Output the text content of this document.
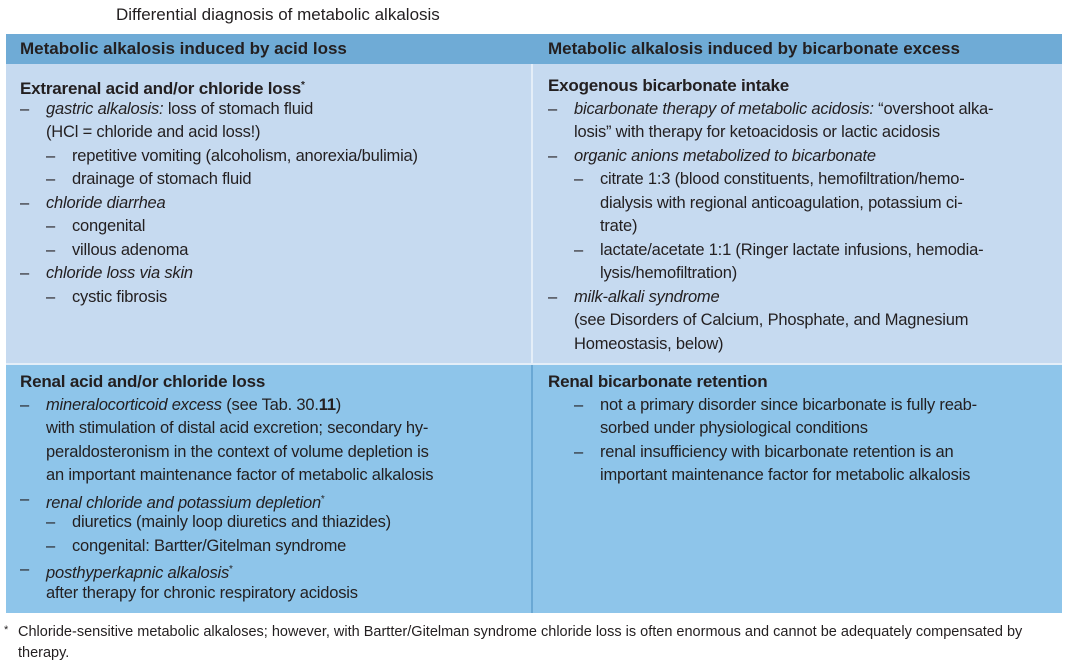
Differential diagnosis of metabolic alkalosis
Metabolic alkalosis induced by acid loss	Metabolic alkalosis induced by bicarbonate excess
Extrarenal acid and/or chloride loss*
– gastric alkalosis: loss of stomach fluid
(HCl = chloride and acid loss!)
– repetitive vomiting (alcoholism, anorexia/bulimia)
– drainage of stomach fluid
– chloride diarrhea
– congenital
– villous adenoma
– chloride loss via skin
– cystic fibrosis
Exogenous bicarbonate intake
– bicarbonate therapy of metabolic acidosis: “overshoot alka-
losis” with therapy for ketoacidosis or lactic acidosis
– organic anions metabolized to bicarbonate
– citrate 1:3 (blood constituents, hemofiltration/hemo-
dialysis with regional anticoagulation, potassium ci-
trate)
– lactate/acetate 1:1 (Ringer lactate infusions, hemodia-
lysis/hemofiltration)
– milk-alkali syndrome
(see Disorders of Calcium, Phosphate, and Magnesium
Homeostasis, below)
Renal acid and/or chloride loss
– mineralocorticoid excess (see Tab. 30.11)
with stimulation of distal acid excretion; secondary hy-
peraldosteronism in the context of volume depletion is
an important maintenance factor of metabolic alkalosis
– renal chloride and potassium depletion*
– diuretics (mainly loop diuretics and thiazides)
– congenital: Bartter/Gitelman syndrome
– posthyperkapnic alkalosis*
after therapy for chronic respiratory acidosis
Renal bicarbonate retention
– not a primary disorder since bicarbonate is fully reab-
sorbed under physiological conditions
– renal insufficiency with bicarbonate retention is an
important maintenance factor for metabolic alkalosis
* Chloride-sensitive metabolic alkaloses; however, with Bartter/Gitelman syndrome chloride loss is often enormous and cannot be adequately compensated by therapy.
